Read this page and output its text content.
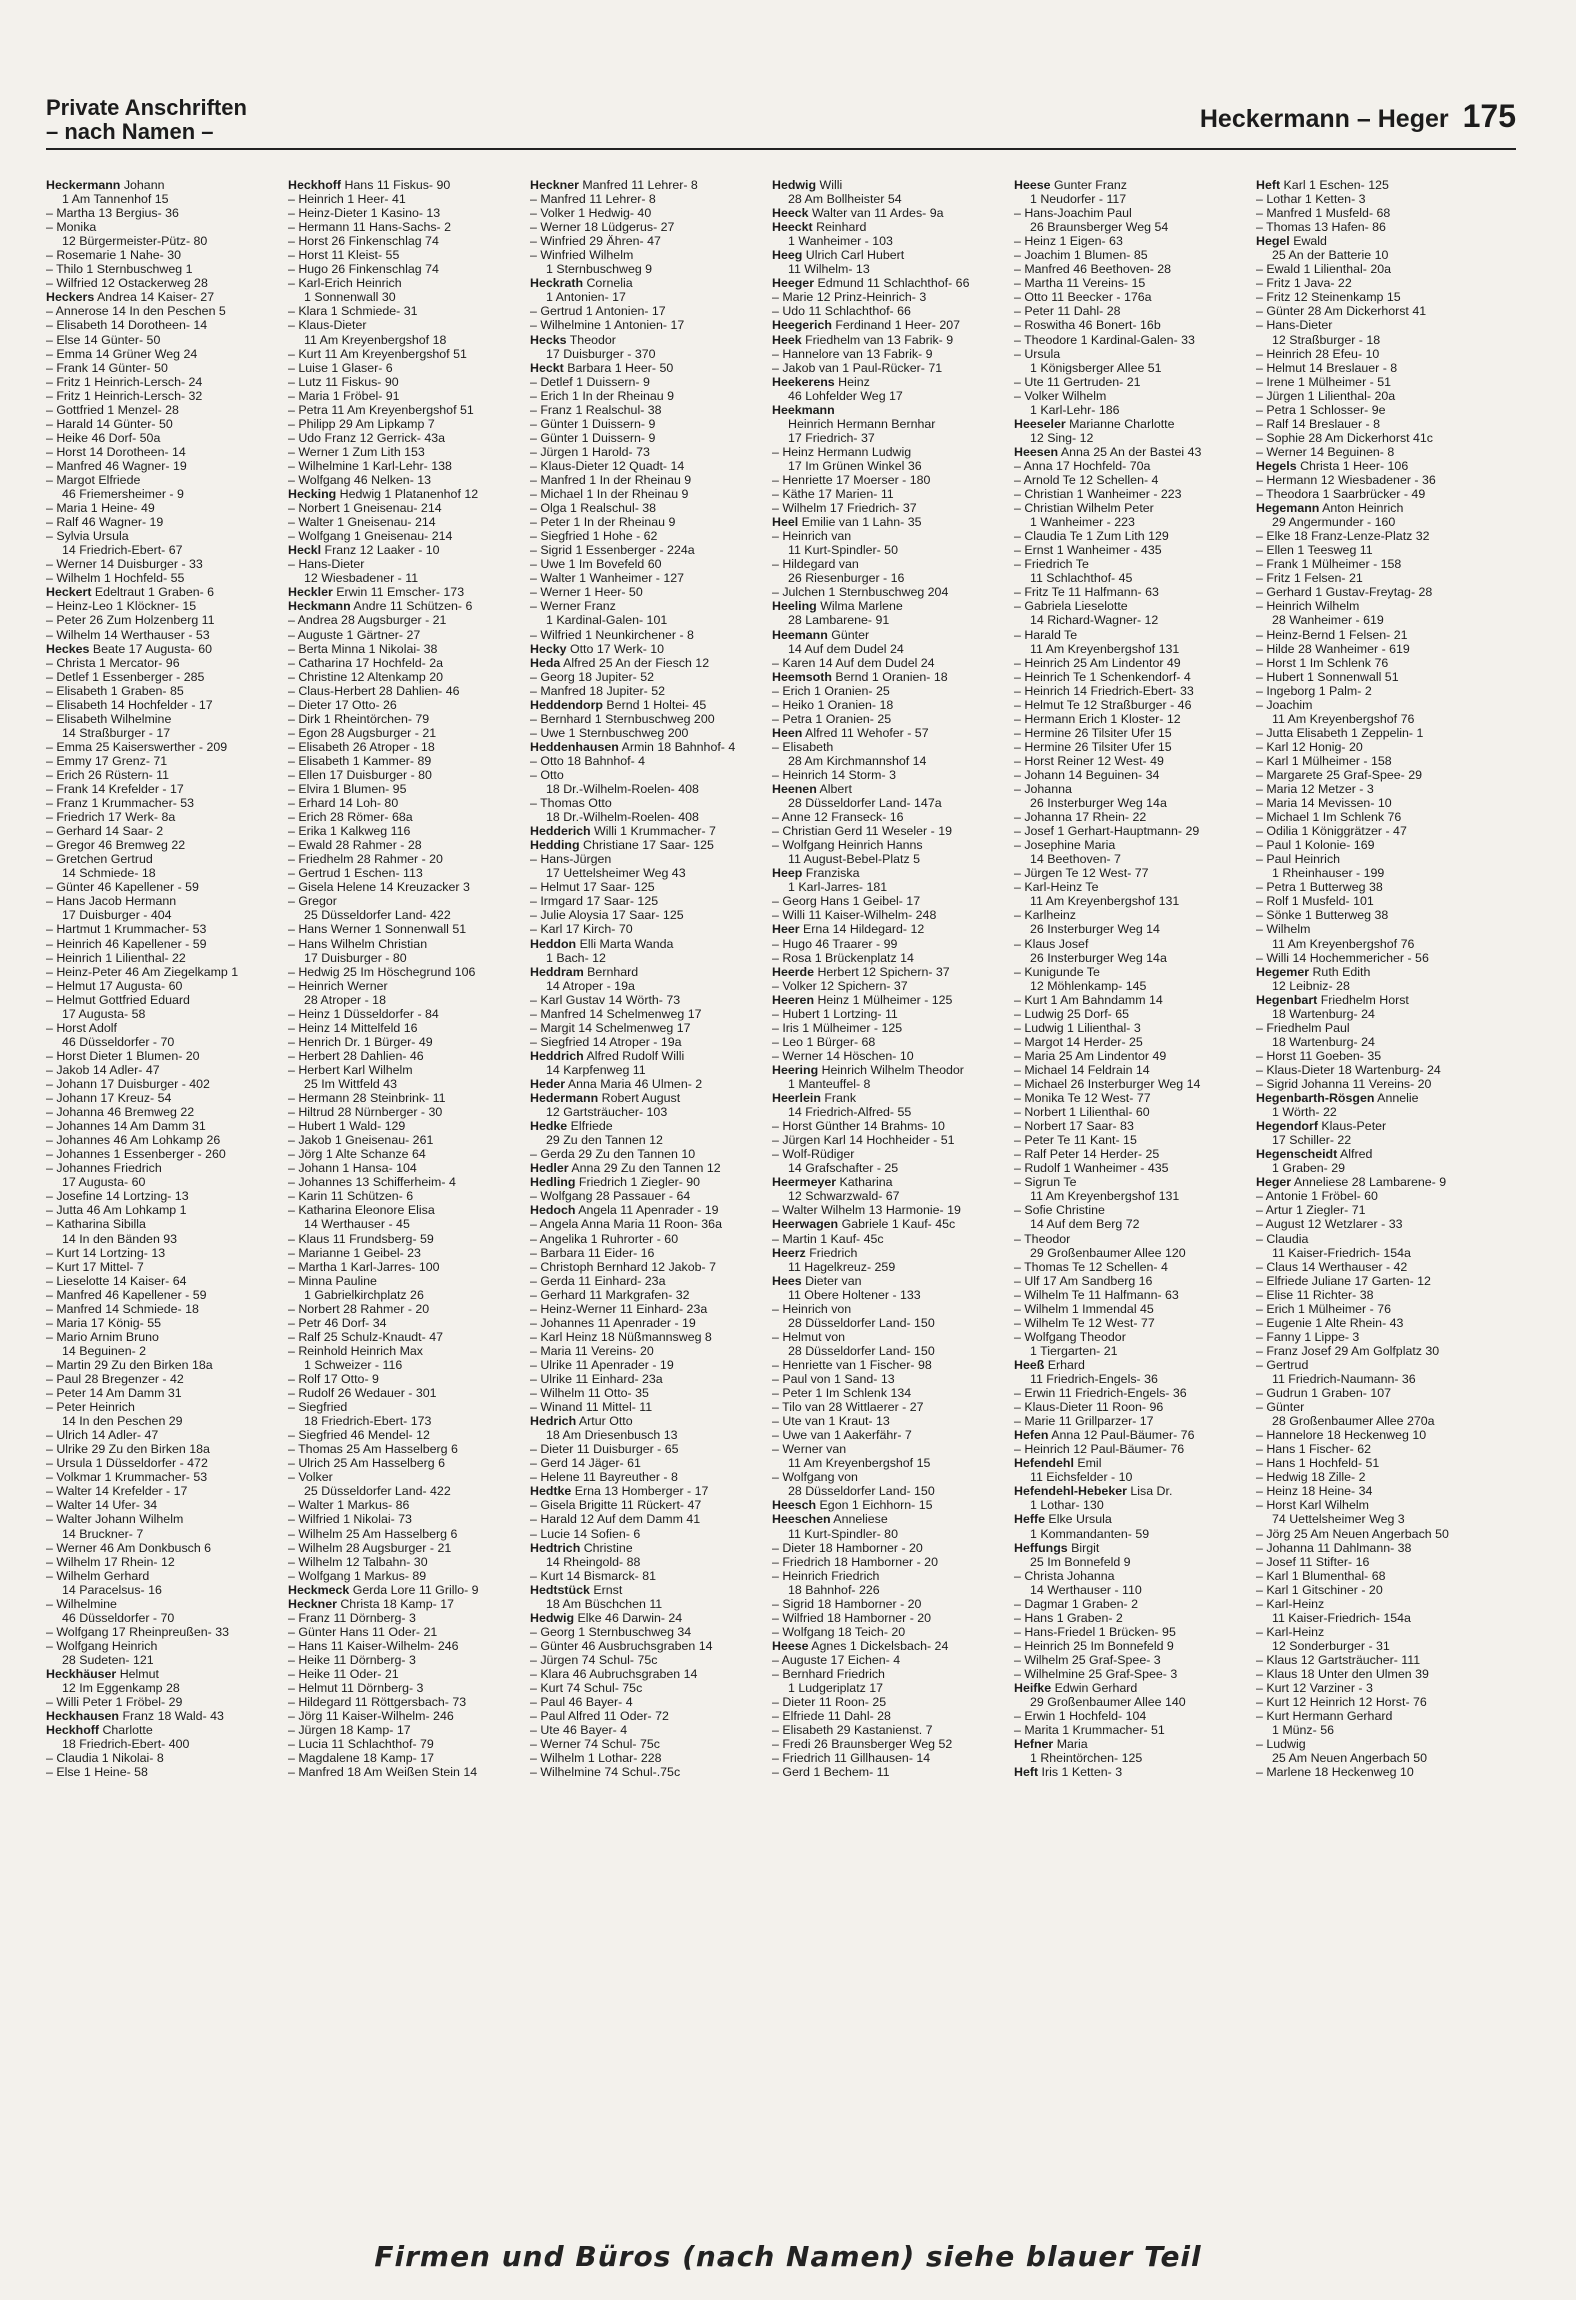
Private Anschriften
– nach Namen –	Heckermann – Heger 175
Heckermann Johann
1 Am Tannenhof 15
– Martha 13 Bergius- 36
– Monika
12 Bürgermeister-Pütz- 80
– Rosemarie 1 Nahe- 30
– Thilo 1 Sternbuschweg 1
– Wilfried 12 Ostackerweg 28
Heckers Andrea 14 Kaiser- 27
– Annerose 14 In den Peschen 5
– Elisabeth 14 Dorotheen- 14
– Else 14 Günter- 50
– Emma 14 Grüner Weg 24
– Frank 14 Günter- 50
– Fritz 1 Heinrich-Lersch- 24
– Fritz 1 Heinrich-Lersch- 32
– Gottfried 1 Menzel- 28
– Harald 14 Günter- 50
– Heike 46 Dorf- 50a
– Horst 14 Dorotheen- 14
– Manfred 46 Wagner- 19
– Margot Elfriede
46 Friemersheimer - 9
– Maria 1 Heine- 49
– Ralf 46 Wagner- 19
– Sylvia Ursula
14 Friedrich-Ebert- 67
– Werner 14 Duisburger - 33
– Wilhelm 1 Hochfeld- 55
Heckert Edeltraut 1 Graben- 6
– Heinz-Leo 1 Klöckner- 15
– Peter 26 Zum Holzenberg 11
– Wilhelm 14 Werthauser - 53
Heckes Beate 17 Augusta- 60
– Christa 1 Mercator- 96
– Detlef 1 Essenberger - 285
– Elisabeth 1 Graben- 85
– Elisabeth 14 Hochfelder - 17
– Elisabeth Wilhelmine
14 Straßburger - 17
– Emma 25 Kaiserswerther - 209
– Emmy 17 Grenz- 71
– Erich 26 Rüstern- 11
– Frank 14 Krefelder - 17
– Franz 1 Krummacher- 53
– Friedrich 17 Werk- 8a
– Gerhard 14 Saar- 2
– Gregor 46 Bremweg 22
– Gretchen Gertrud
14 Schmiede- 18
– Günter 46 Kapellener - 59
– Hans Jacob Hermann
17 Duisburger - 404
– Hartmut 1 Krummacher- 53
– Heinrich 46 Kapellener - 59
– Heinrich 1 Lilienthal- 22
– Heinz-Peter 46 Am Ziegelkamp 1
– Helmut 17 Augusta- 60
– Helmut Gottfried Eduard
17 Augusta- 58
– Horst Adolf
46 Düsseldorfer - 70
– Horst Dieter 1 Blumen- 20
– Jakob 14 Adler- 47
– Johann 17 Duisburger - 402
– Johann 17 Kreuz- 54
– Johanna 46 Bremweg 22
– Johannes 14 Am Damm 31
– Johannes 46 Am Lohkamp 26
– Johannes 1 Essenberger - 260
– Johannes Friedrich
17 Augusta- 60
– Josefine 14 Lortzing- 13
– Jutta 46 Am Lohkamp 1
– Katharina Sibilla
14 In den Bänden 93
– Kurt 14 Lortzing- 13
– Kurt 17 Mittel- 7
– Lieselotte 14 Kaiser- 64
– Manfred 46 Kapellener - 59
– Manfred 14 Schmiede- 18
– Maria 17 König- 55
– Mario Arnim Bruno
14 Beguinen- 2
– Martin 29 Zu den Birken 18a
– Paul 28 Bregenzer - 42
– Peter 14 Am Damm 31
– Peter Heinrich
14 In den Peschen 29
– Ulrich 14 Adler- 47
– Ulrike 29 Zu den Birken 18a
– Ursula 1 Düsseldorfer - 472
– Volkmar 1 Krummacher- 53
– Walter 14 Krefelder - 17
– Walter 14 Ufer- 34
– Walter Johann Wilhelm
14 Bruckner- 7
– Werner 46 Am Donkbusch 6
– Wilhelm 17 Rhein- 12
– Wilhelm Gerhard
14 Paracelsus- 16
– Wilhelmine
46 Düsseldorfer - 70
– Wolfgang 17 Rheinpreußen- 33
– Wolfgang Heinrich
28 Sudeten- 121
Heckhäuser Helmut
12 Im Eggenkamp 28
– Willi Peter 1 Fröbel- 29
Heckhausen Franz 18 Wald- 43
Heckhoff Charlotte
18 Friedrich-Ebert- 400
– Claudia 1 Nikolai- 8
– Else 1 Heine- 58
Heckhoff Hans 11 Fiskus- 90
– Heinrich 1 Heer- 41
– Heinz-Dieter 1 Kasino- 13
– Hermann 11 Hans-Sachs- 2
– Horst 26 Finkenschlag 74
– Horst 11 Kleist- 55
– Hugo 26 Finkenschlag 74
– Karl-Erich Heinrich
1 Sonnenwall 30
– Klara 1 Schmiede- 31
– Klaus-Dieter
11 Am Kreyenbergshof 18
– Kurt 11 Am Kreyenbergshof 51
– Luise 1 Glaser- 6
– Lutz 11 Fiskus- 90
– Maria 1 Fröbel- 91
– Petra 11 Am Kreyenbergshof 51
– Philipp 29 Am Lipkamp 7
– Udo Franz 12 Gerrick- 43a
– Werner 1 Zum Lith 153
– Wilhelmine 1 Karl-Lehr- 138
– Wolfgang 46 Nelken- 13
Hecking Hedwig 1 Platanenhof 12
– Norbert 1 Gneisenau- 214
– Walter 1 Gneisenau- 214
– Wolfgang 1 Gneisenau- 214
Heckl Franz 12 Laaker - 10
– Hans-Dieter
12 Wiesbadener - 11
Heckler Erwin 11 Emscher- 173
Heckmann Andre 11 Schützen- 6
– Andrea 28 Augsburger - 21
– Auguste 1 Gärtner- 27
– Berta Minna 1 Nikolai- 38
– Catharina 17 Hochfeld- 2a
– Christine 12 Altenkamp 20
– Claus-Herbert 28 Dahlien- 46
– Dieter 17 Otto- 26
– Dirk 1 Rheintörchen- 79
– Egon 28 Augsburger - 21
– Elisabeth 26 Atroper - 18
– Elisabeth 1 Kammer- 89
– Ellen 17 Duisburger - 80
– Elvira 1 Blumen- 95
– Erhard 14 Loh- 80
– Erich 28 Römer- 68a
– Erika 1 Kalkweg 116
– Ewald 28 Rahmer - 28
– Friedhelm 28 Rahmer - 20
– Gertrud 1 Eschen- 113
– Gisela Helene 14 Kreuzacker 3
– Gregor
25 Düsseldorfer Land- 422
– Hans Werner 1 Sonnenwall 51
– Hans Wilhelm Christian
17 Duisburger - 80
– Hedwig 25 Im Höschegrund 106
– Heinrich Werner
28 Atroper - 18
– Heinz 1 Düsseldorfer - 84
– Heinz 14 Mittelfeld 16
– Henrich Dr. 1 Bürger- 49
– Herbert 28 Dahlien- 46
– Herbert Karl Wilhelm
25 Im Wittfeld 43
– Hermann 28 Steinbrink- 11
– Hiltrud 28 Nürnberger - 30
– Hubert 1 Wald- 129
– Jakob 1 Gneisenau- 261
– Jörg 1 Alte Schanze 64
– Johann 1 Hansa- 104
– Johannes 13 Schifferheim- 4
– Karin 11 Schützen- 6
– Katharina Eleonore Elisa
14 Werthauser - 45
– Klaus 11 Frundsberg- 59
– Marianne 1 Geibel- 23
– Martha 1 Karl-Jarres- 100
– Minna Pauline
1 Gabrielkirchplatz 26
– Norbert 28 Rahmer - 20
– Petr 46 Dorf- 34
– Ralf 25 Schulz-Knaudt- 47
– Reinhold Heinrich Max
1 Schweizer - 116
– Rolf 17 Otto- 9
– Rudolf 26 Wedauer - 301
– Siegfried
18 Friedrich-Ebert- 173
– Siegfried 46 Mendel- 12
– Thomas 25 Am Hasselberg 6
– Ulrich 25 Am Hasselberg 6
– Volker
25 Düsseldorfer Land- 422
– Walter 1 Markus- 86
– Wilfried 1 Nikolai- 73
– Wilhelm 25 Am Hasselberg 6
– Wilhelm 28 Augsburger - 21
– Wilhelm 12 Talbahn- 30
– Wolfgang 1 Markus- 89
Heckmeck Gerda Lore 11 Grillo- 9
Heckner Christa 18 Kamp- 17
– Franz 11 Dörnberg- 3
– Günter Hans 11 Oder- 21
– Hans 11 Kaiser-Wilhelm- 246
– Heike 11 Dörnberg- 3
– Heike 11 Oder- 21
– Helmut 11 Dörnberg- 3
– Hildegard 11 Röttgersbach- 73
– Jörg 11 Kaiser-Wilhelm- 246
– Jürgen 18 Kamp- 17
– Lucia 11 Schlachthof- 79
– Magdalene 18 Kamp- 17
– Manfred 18 Am Weißen Stein 14
Heckner Manfred 11 Lehrer- 8
– Manfred 11 Lehrer- 8
– Volker 1 Hedwig- 40
– Werner 18 Lüdgerus- 27
– Winfried 29 Ähren- 47
– Winfried Wilhelm
1 Sternbuschweg 9
Heckrath Cornelia
1 Antonien- 17
– Gertrud 1 Antonien- 17
– Wilhelmine 1 Antonien- 17
Hecks Theodor
17 Duisburger - 370
Heckt Barbara 1 Heer- 50
– Detlef 1 Duissern- 9
– Erich 1 In der Rheinau 9
– Franz 1 Realschul- 38
– Günter 1 Duissern- 9
– Günter 1 Duissern- 9
– Jürgen 1 Harold- 73
– Klaus-Dieter 12 Quadt- 14
– Manfred 1 In der Rheinau 9
– Michael 1 In der Rheinau 9
– Olga 1 Realschul- 38
– Peter 1 In der Rheinau 9
– Siegfried 1 Hohe - 62
– Sigrid 1 Essenberger - 224a
– Uwe 1 Im Bovefeld 60
– Walter 1 Wanheimer - 127
– Werner 1 Heer- 50
– Werner Franz
1 Kardinal-Galen- 101
– Wilfried 1 Neunkirchener - 8
Hecky Otto 17 Werk- 10
Heda Alfred 25 An der Fiesch 12
– Georg 18 Jupiter- 52
– Manfred 18 Jupiter- 52
Heddendorp Bernd 1 Holtei- 45
– Bernhard 1 Sternbuschweg 200
– Uwe 1 Sternbuschweg 200
Heddenhausen Armin 18 Bahnhof- 4
– Otto 18 Bahnhof- 4
– Otto
18 Dr.-Wilhelm-Roelen- 408
– Thomas Otto
18 Dr.-Wilhelm-Roelen- 408
Hedderich Willi 1 Krummacher- 7
Hedding Christiane 17 Saar- 125
– Hans-Jürgen
17 Uettelsheimer Weg 43
– Helmut 17 Saar- 125
– Irmgard 17 Saar- 125
– Julie Aloysia 17 Saar- 125
– Karl 17 Kirch- 70
Heddon Elli Marta Wanda
1 Bach- 12
Heddram Bernhard
14 Atroper - 19a
– Karl Gustav 14 Wörth- 73
– Manfred 14 Schelmenweg 17
– Margit 14 Schelmenweg 17
– Siegfried 14 Atroper - 19a
Heddrich Alfred Rudolf Willi
14 Karpfenweg 11
Heder Anna Maria 46 Ulmen- 2
Hedermann Robert August
12 Gartsträucher- 103
Hedke Elfriede
29 Zu den Tannen 12
– Gerda 29 Zu den Tannen 10
Hedler Anna 29 Zu den Tannen 12
Hedling Friedrich 1 Ziegler- 90
– Wolfgang 28 Passauer - 64
Hedoch Angela 11 Apenrader - 19
– Angela Anna Maria 11 Roon- 36a
– Angelika 1 Ruhrorter - 60
– Barbara 11 Eider- 16
– Christoph Bernhard 12 Jakob- 7
– Gerda 11 Einhard- 23a
– Gerhard 11 Markgrafen- 32
– Heinz-Werner 11 Einhard- 23a
– Johannes 11 Apenrader - 19
– Karl Heinz 18 Nüßmannsweg 8
– Maria 11 Vereins- 20
– Ulrike 11 Apenrader - 19
– Ulrike 11 Einhard- 23a
– Wilhelm 11 Otto- 35
– Winand 11 Mittel- 11
Hedrich Artur Otto
18 Am Driesenbusch 13
– Dieter 11 Duisburger - 65
– Gerd 14 Jäger- 61
– Helene 11 Bayreuther - 8
Hedtke Erna 13 Homberger - 17
– Gisela Brigitte 11 Rückert- 47
– Harald 12 Auf dem Damm 41
– Lucie 14 Sofien- 6
Hedtrich Christine
14 Rheingold- 88
– Kurt 14 Bismarck- 81
Hedtstück Ernst
18 Am Büschchen 11
Hedwig Elke 46 Darwin- 24
– Georg 1 Sternbuschweg 34
– Günter 46 Ausbruchsgraben 14
– Jürgen 74 Schul- 75c
– Klara 46 Aubruchsgraben 14
– Kurt 74 Schul- 75c
– Paul 46 Bayer- 4
– Paul Alfred 11 Oder- 72
– Ute 46 Bayer- 4
– Werner 74 Schul- 75c
– Wilhelm 1 Lothar- 228
– Wilhelmine 74 Schul-.75c
Hedwig Willi
28 Am Bollheister 54
Heeck Walter van 11 Ardes- 9a
Heeckt Reinhard
1 Wanheimer - 103
Heeg Ulrich Carl Hubert
11 Wilhelm- 13
Heeger Edmund 11 Schlachthof- 66
– Marie 12 Prinz-Heinrich- 3
– Udo 11 Schlachthof- 66
Heegerich Ferdinand 1 Heer- 207
Heek Friedhelm van 13 Fabrik- 9
– Hannelore van 13 Fabrik- 9
– Jakob van 1 Paul-Rücker- 71
Heekerens Heinz
46 Lohfelder Weg 17
Heekmann
Heinrich Hermann Bernhar
17 Friedrich- 37
– Heinz Hermann Ludwig
17 Im Grünen Winkel 36
– Henriette 17 Moerser - 180
– Käthe 17 Marien- 11
– Wilhelm 17 Friedrich- 37
Heel Emilie van 1 Lahn- 35
– Heinrich van
11 Kurt-Spindler- 50
– Hildegard van
26 Riesenburger - 16
– Julchen 1 Sternbuschweg 204
Heeling Wilma Marlene
28 Lambarene- 91
Heemann Günter
14 Auf dem Dudel 24
– Karen 14 Auf dem Dudel 24
Heemsoth Bernd 1 Oranien- 18
– Erich 1 Oranien- 25
– Heiko 1 Oranien- 18
– Petra 1 Oranien- 25
Heen Alfred 11 Wehofer - 57
– Elisabeth
28 Am Kirchmannshof 14
– Heinrich 14 Storm- 3
Heenen Albert
28 Düsseldorfer Land- 147a
– Anne 12 Franseck- 16
– Christian Gerd 11 Weseler - 19
– Wolfgang Heinrich Hanns
11 August-Bebel-Platz 5
Heep Franziska
1 Karl-Jarres- 181
– Georg Hans 1 Geibel- 17
– Willi 11 Kaiser-Wilhelm- 248
Heer Erna 14 Hildegard- 12
– Hugo 46 Traarer - 99
– Rosa 1 Brückenplatz 14
Heerde Herbert 12 Spichern- 37
– Volker 12 Spichern- 37
Heeren Heinz 1 Mülheimer - 125
– Hubert 1 Lortzing- 11
– Iris 1 Mülheimer - 125
– Leo 1 Bürger- 68
– Werner 14 Höschen- 10
Heering Heinrich Wilhelm Theodor
1 Manteuffel- 8
Heerlein Frank
14 Friedrich-Alfred- 55
– Horst Günther 14 Brahms- 10
– Jürgen Karl 14 Hochheider - 51
– Wolf-Rüdiger
14 Grafschafter - 25
Heermeyer Katharina
12 Schwarzwald- 67
– Walter Wilhelm 13 Harmonie- 19
Heerwagen Gabriele 1 Kauf- 45c
– Martin 1 Kauf- 45c
Heerz Friedrich
11 Hagelkreuz- 259
Hees Dieter van
11 Obere Holtener - 133
– Heinrich von
28 Düsseldorfer Land- 150
– Helmut von
28 Düsseldorfer Land- 150
– Henriette van 1 Fischer- 98
– Paul von 1 Sand- 13
– Peter 1 Im Schlenk 134
– Tilo van 28 Wittlaerer - 27
– Ute van 1 Kraut- 13
– Uwe van 1 Aakerfähr- 7
– Werner van
11 Am Kreyenbergshof 15
– Wolfgang von
28 Düsseldorfer Land- 150
Heesch Egon 1 Eichhorn- 15
Heeschen Anneliese
11 Kurt-Spindler- 80
– Dieter 18 Hamborner - 20
– Friedrich 18 Hamborner - 20
– Heinrich Friedrich
18 Bahnhof- 226
– Sigrid 18 Hamborner - 20
– Wilfried 18 Hamborner - 20
– Wolfgang 18 Teich- 20
Heese Agnes 1 Dickelsbach- 24
– Auguste 17 Eichen- 4
– Bernhard Friedrich
1 Ludgeriplatz 17
– Dieter 11 Roon- 25
– Elfriede 11 Dahl- 28
– Elisabeth 29 Kastanienst. 7
– Fredi 26 Braunsberger Weg 52
– Friedrich 11 Gillhausen- 14
– Gerd 1 Bechem- 11
Heese Gunter Franz
1 Neudorfer - 117
– Hans-Joachim Paul
26 Braunsberger Weg 54
– Heinz 1 Eigen- 63
– Joachim 1 Blumen- 85
– Manfred 46 Beethoven- 28
– Martha 11 Vereins- 15
– Otto 11 Beecker - 176a
– Peter 11 Dahl- 28
– Roswitha 46 Bonert- 16b
– Theodore 1 Kardinal-Galen- 33
– Ursula
1 Königsberger Allee 51
– Ute 11 Gertruden- 21
– Volker Wilhelm
1 Karl-Lehr- 186
Heeseler Marianne Charlotte
12 Sing- 12
Heesen Anna 25 An der Bastei 43
– Anna 17 Hochfeld- 70a
– Arnold Te 12 Schellen- 4
– Christian 1 Wanheimer - 223
– Christian Wilhelm Peter
1 Wanheimer - 223
– Claudia Te 1 Zum Lith 129
– Ernst 1 Wanheimer - 435
– Friedrich Te
11 Schlachthof- 45
– Fritz Te 11 Halfmann- 63
– Gabriela Lieselotte
14 Richard-Wagner- 12
– Harald Te
11 Am Kreyenbergshof 131
– Heinrich 25 Am Lindentor 49
– Heinrich Te 1 Schenkendorf- 4
– Heinrich 14 Friedrich-Ebert- 33
– Helmut Te 12 Straßburger - 46
– Hermann Erich 1 Kloster- 12
– Hermine 26 Tilsiter Ufer 15
– Hermine 26 Tilsiter Ufer 15
– Horst Reiner 12 West- 49
– Johann 14 Beguinen- 34
– Johanna
26 Insterburger Weg 14a
– Johanna 17 Rhein- 22
– Josef 1 Gerhart-Hauptmann- 29
– Josephine Maria
14 Beethoven- 7
– Jürgen Te 12 West- 77
– Karl-Heinz Te
11 Am Kreyenbergshof 131
– Karlheinz
26 Insterburger Weg 14
– Klaus Josef
26 Insterburger Weg 14a
– Kunigunde Te
12 Möhlenkamp- 145
– Kurt 1 Am Bahndamm 14
– Ludwig 25 Dorf- 65
– Ludwig 1 Lilienthal- 3
– Margot 14 Herder- 25
– Maria 25 Am Lindentor 49
– Michael 14 Feldrain 14
– Michael 26 Insterburger Weg 14
– Monika Te 12 West- 77
– Norbert 1 Lilienthal- 60
– Norbert 17 Saar- 83
– Peter Te 11 Kant- 15
– Ralf Peter 14 Herder- 25
– Rudolf 1 Wanheimer - 435
– Sigrun Te
11 Am Kreyenbergshof 131
– Sofie Christine
14 Auf dem Berg 72
– Theodor
29 Großenbaumer Allee 120
– Thomas Te 12 Schellen- 4
– Ulf 17 Am Sandberg 16
– Wilhelm Te 11 Halfmann- 63
– Wilhelm 1 Immendal 45
– Wilhelm Te 12 West- 77
– Wolfgang Theodor
1 Tiergarten- 21
Heeß Erhard
11 Friedrich-Engels- 36
– Erwin 11 Friedrich-Engels- 36
– Klaus-Dieter 11 Roon- 96
– Marie 11 Grillparzer- 17
Hefen Anna 12 Paul-Bäumer- 76
– Heinrich 12 Paul-Bäumer- 76
Hefendehl Emil
11 Eichsfelder - 10
Hefendehl-Hebeker Lisa Dr.
1 Lothar- 130
Heffe Elke Ursula
1 Kommandanten- 59
Heffungs Birgit
25 Im Bonnefeld 9
– Christa Johanna
14 Werthauser - 110
– Dagmar 1 Graben- 2
– Hans 1 Graben- 2
– Hans-Friedel 1 Brücken- 95
– Heinrich 25 Im Bonnefeld 9
– Wilhelm 25 Graf-Spee- 3
– Wilhelmine 25 Graf-Spee- 3
Heifke Edwin Gerhard
29 Großenbaumer Allee 140
– Erwin 1 Hochfeld- 104
– Marita 1 Krummacher- 51
Hefner Maria
1 Rheintörchen- 125
Heft Iris 1 Ketten- 3
Heft Karl 1 Eschen- 125
– Lothar 1 Ketten- 3
– Manfred 1 Musfeld- 68
– Thomas 13 Hafen- 86
Hegel Ewald
25 An der Batterie 10
– Ewald 1 Lilienthal- 20a
– Fritz 1 Java- 22
– Fritz 12 Steinenkamp 15
– Günter 28 Am Dickerhorst 41
– Hans-Dieter
12 Straßburger - 18
– Heinrich 28 Efeu- 10
– Helmut 14 Breslauer - 8
– Irene 1 Mülheimer - 51
– Jürgen 1 Lilienthal- 20a
– Petra 1 Schlosser- 9e
– Ralf 14 Breslauer - 8
– Sophie 28 Am Dickerhorst 41c
– Werner 14 Beguinen- 8
Hegels Christa 1 Heer- 106
– Hermann 12 Wiesbadener - 36
– Theodora 1 Saarbrücker - 49
Hegemann Anton Heinrich
29 Angermunder - 160
– Elke 18 Franz-Lenze-Platz 32
– Ellen 1 Teesweg 11
– Frank 1 Mülheimer - 158
– Fritz 1 Felsen- 21
– Gerhard 1 Gustav-Freytag- 28
– Heinrich Wilhelm
28 Wanheimer - 619
– Heinz-Bernd 1 Felsen- 21
– Hilde 28 Wanheimer - 619
– Horst 1 Im Schlenk 76
– Hubert 1 Sonnenwall 51
– Ingeborg 1 Palm- 2
– Joachim
11 Am Kreyenbergshof 76
– Jutta Elisabeth 1 Zeppelin- 1
– Karl 12 Honig- 20
– Karl 1 Mülheimer - 158
– Margarete 25 Graf-Spee- 29
– Maria 12 Metzer - 3
– Maria 14 Mevissen- 10
– Michael 1 Im Schlenk 76
– Odilia 1 Königgrätzer - 47
– Paul 1 Kolonie- 169
– Paul Heinrich
1 Rheinhauser - 199
– Petra 1 Butterweg 38
– Rolf 1 Musfeld- 101
– Sönke 1 Butterweg 38
– Wilhelm
11 Am Kreyenbergshof 76
– Willi 14 Hochemmericher - 56
Hegemer Ruth Edith
12 Leibniz- 28
Hegenbart Friedhelm Horst
18 Wartenburg- 24
– Friedhelm Paul
18 Wartenburg- 24
– Horst 11 Goeben- 35
– Klaus-Dieter 18 Wartenburg- 24
– Sigrid Johanna 11 Vereins- 20
Hegenbarth-Rösgen Annelie
1 Wörth- 22
Hegendorf Klaus-Peter
17 Schiller- 22
Hegenscheidt Alfred
1 Graben- 29
Heger Anneliese 28 Lambarene- 9
– Antonie 1 Fröbel- 60
– Artur 1 Ziegler- 71
– August 12 Wetzlarer - 33
– Claudia
11 Kaiser-Friedrich- 154a
– Claus 14 Werthauser - 42
– Elfriede Juliane 17 Garten- 12
– Elise 11 Richter- 38
– Erich 1 Mülheimer - 76
– Eugenie 1 Alte Rhein- 43
– Fanny 1 Lippe- 3
– Franz Josef 29 Am Golfplatz 30
– Gertrud
11 Friedrich-Naumann- 36
– Gudrun 1 Graben- 107
– Günter
28 Großenbaumer Allee 270a
– Hannelore 18 Heckenweg 10
– Hans 1 Fischer- 62
– Hans 1 Hochfeld- 51
– Hedwig 18 Zille- 2
– Heinz 18 Heine- 34
– Horst Karl Wilhelm
74 Uettelsheimer Weg 3
– Jörg 25 Am Neuen Angerbach 50
– Johanna 11 Dahlmann- 38
– Josef 11 Stifter- 16
– Karl 1 Blumenthal- 68
– Karl 1 Gitschiner - 20
– Karl-Heinz
11 Kaiser-Friedrich- 154a
– Karl-Heinz
12 Sonderburger - 31
– Klaus 12 Gartsträucher- 111
– Klaus 18 Unter den Ulmen 39
– Kurt 12 Varziner - 3
– Kurt 12 Heinrich 12 Horst- 76
– Kurt Hermann Gerhard
1 Münz- 56
– Ludwig
25 Am Neuen Angerbach 50
– Marlene 18 Heckenweg 10
Firmen und Büros (nach Namen) siehe blauer Teil
